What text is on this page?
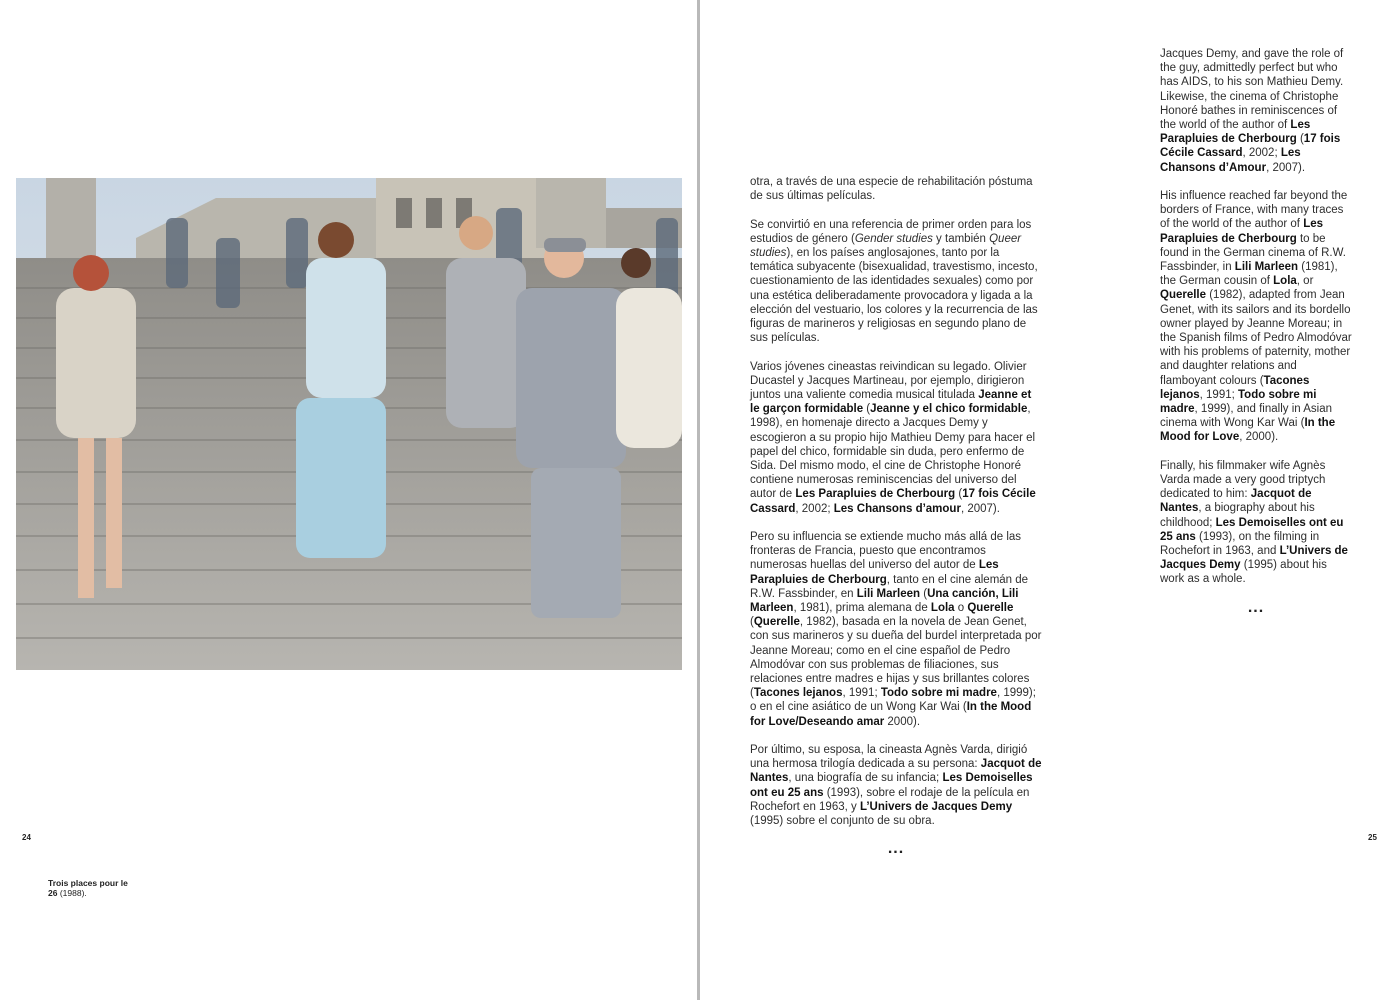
24
Trois places pour le 26 (1988).

otra, a través de una especie de rehabilitación póstuma de sus últimas películas.

Se convirtió en una referencia de primer orden para los estudios de género (Gender studies y también Queer studies), en los países anglosajones, tanto por la temática subyacente (bisexualidad, travestismo, incesto, cuestionamiento de las identidades sexuales) como por una estética deliberadamente provocadora y ligada a la elección del vestuario, los colores y la recurrencia de las figuras de marineros y religiosas en segundo plano de sus películas.

Varios jóvenes cineastas reivindican su legado. Olivier Ducastel y Jacques Martineau, por ejemplo, dirigieron juntos una valiente comedia musical titulada Jeanne et le garçon formidable (Jeanne y el chico formidable, 1998), en homenaje directo a Jacques Demy y escogieron a su propio hijo Mathieu Demy para hacer el papel del chico, formidable sin duda, pero enfermo de Sida. Del mismo modo, el cine de Christophe Honoré contiene numerosas reminiscencias del universo del autor de Les Parapluies de Cherbourg (17 fois Cécile Cassard, 2002; Les Chansons d’amour, 2007).

Pero su influencia se extiende mucho más allá de las fronteras de Francia, puesto que encontramos numerosas huellas del universo del autor de Les Parapluies de Cherbourg, tanto en el cine alemán de R.W. Fassbinder, en Lili Marleen (Una canción, Lili Marleen, 1981), prima alemana de Lola o Querelle (Querelle, 1982), basada en la novela de Jean Genet, con sus marineros y su dueña del burdel interpretada por Jeanne Moreau; como en el cine español de Pedro Almodóvar con sus problemas de filiaciones, sus relaciones entre madres e hijas y sus brillantes colores (Tacones lejanos, 1991; Todo sobre mi madre, 1999); o en el cine asiático de un Wong Kar Wai (In the Mood for Love/Deseando amar 2000).

Por último, su esposa, la cineasta Agnès Varda, dirigió una hermosa trilogía dedicada a su persona: Jacquot de Nantes, una biografía de su infancia; Les Demoiselles ont eu 25 ans (1993), sobre el rodaje de la película en Rochefort en 1963, y L’Univers de Jacques Demy (1995) sobre el conjunto de su obra.

...

Jacques Demy, and gave the role of the guy, admittedly perfect but who has AIDS, to his son Mathieu Demy. Likewise, the cinema of Christophe Honoré bathes in reminiscences of the world of the author of Les Parapluies de Cherbourg (17 fois Cécile Cassard, 2002; Les Chansons d’Amour, 2007).

His influence reached far beyond the borders of France, with many traces of the world of the author of Les Parapluies de Cherbourg to be found in the German cinema of R.W. Fassbinder, in Lili Marleen (1981), the German cousin of Lola, or Querelle (1982), adapted from Jean Genet, with its sailors and its bordello owner played by Jeanne Moreau; in the Spanish films of Pedro Almodóvar with his problems of paternity, mother and daughter relations and flamboyant colours (Tacones lejanos, 1991; Todo sobre mi madre, 1999), and finally in Asian cinema with Wong Kar Wai (In the Mood for Love, 2000).

Finally, his filmmaker wife Agnès Varda made a very good triptych dedicated to him: Jacquot de Nantes, a biography about his childhood; Les Demoiselles ont eu 25 ans (1993), on the filming in Rochefort in 1963, and L’Univers de Jacques Demy (1995) about his work as a whole.

...
25
